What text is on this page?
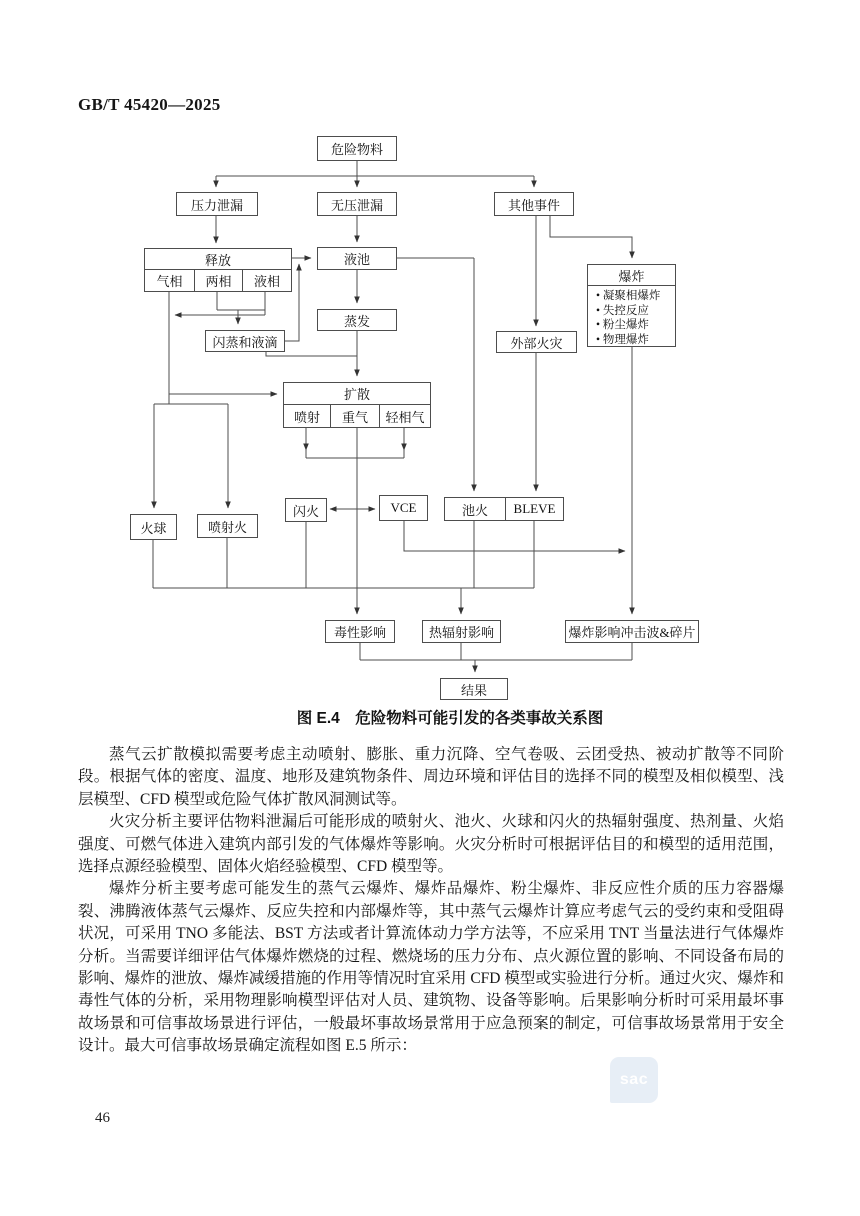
GB/T 45420—2025
危险物料
压力泄漏	无压泄漏	其他事件
释放
气相	两相	液相
液池
爆炸
• 凝聚相爆炸
• 失控反应
• 粉尘爆炸
• 物理爆炸
蒸发
闪蒸和液滴	外部火灾
扩散
喷射	重气	轻相气
闪火	VCE	池火	BLEVE
火球	喷射火
毒性影响	热辐射影响	爆炸影响冲击波&碎片
结果
图 E.4　危险物料可能引发的各类事故关系图

蒸气云扩散模拟需要考虑主动喷射、膨胀、重力沉降、空气卷吸、云团受热、被动扩散等不同阶段。根据气体的密度、温度、地形及建筑物条件、周边环境和评估目的选择不同的模型及相似模型、浅层模型、CFD 模型或危险气体扩散风洞测试等。

火灾分析主要评估物料泄漏后可能形成的喷射火、池火、火球和闪火的热辐射强度、热剂量、火焰强度、可燃气体进入建筑内部引发的气体爆炸等影响。火灾分析时可根据评估目的和模型的适用范围，选择点源经验模型、固体火焰经验模型、CFD 模型等。

爆炸分析主要考虑可能发生的蒸气云爆炸、爆炸品爆炸、粉尘爆炸、非反应性介质的压力容器爆裂、沸腾液体蒸气云爆炸、反应失控和内部爆炸等，其中蒸气云爆炸计算应考虑气云的受约束和受阻碍状况，可采用 TNO 多能法、BST 方法或者计算流体动力学方法等，不应采用 TNT 当量法进行气体爆炸分析。当需要详细评估气体爆炸燃烧的过程、燃烧场的压力分布、点火源位置的影响、不同设备布局的影响、爆炸的泄放、爆炸减缓措施的作用等情况时宜采用 CFD 模型或实验进行分析。通过火灾、爆炸和毒性气体的分析，采用物理影响模型评估对人员、建筑物、设备等影响。后果影响分析时可采用最坏事故场景和可信事故场景进行评估，一般最坏事故场景常用于应急预案的制定，可信事故场景常用于安全设计。最大可信事故场景确定流程如图 E.5 所示：

sac
46
